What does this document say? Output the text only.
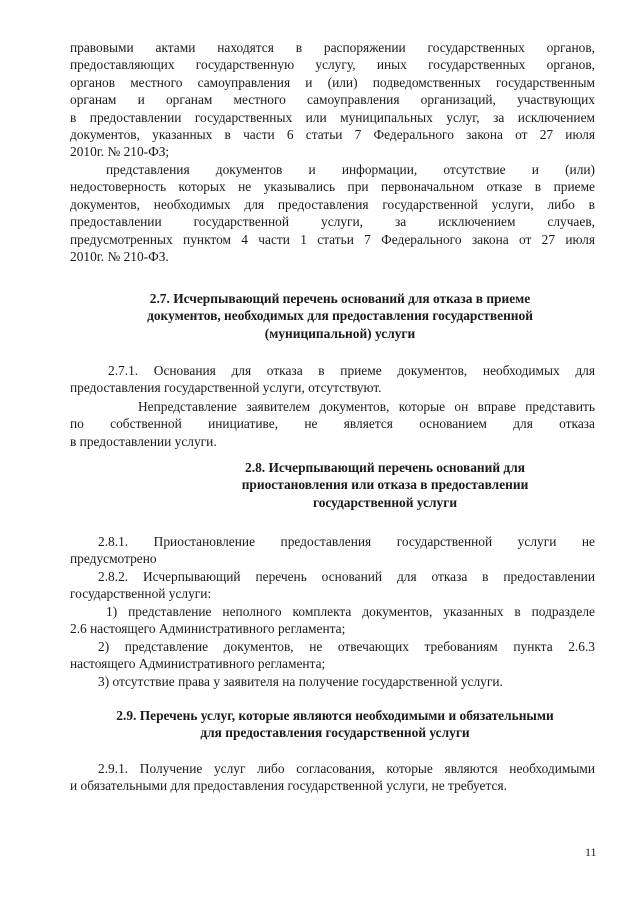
правовыми актами находятся в распоряжении государственных органов,
предоставляющих государственную услугу, иных государственных органов,
органов местного самоуправления и (или) подведомственных государственным
органам и органам местного самоуправления организаций, участвующих
в предоставлении государственных или муниципальных услуг, за исключением
документов, указанных в части 6 статьи 7 Федерального закона от 27 июля
2010г. № 210-ФЗ;
представления документов и информации, отсутствие и (или)
недостоверность которых не указывались при первоначальном отказе в приеме
документов, необходимых для предоставления государственной услуги, либо в
предоставлении государственной услуги, за исключением случаев,
предусмотренных пунктом 4 части 1 статьи 7 Федерального закона от 27 июля
2010г. № 210-ФЗ.
2.7. Исчерпывающий перечень оснований для отказа в приеме
документов, необходимых для предоставления государственной
(муниципальной) услуги
2.7.1. Основания для отказа в приеме документов, необходимых для
предоставления государственной услуги, отсутствуют.
Непредставление заявителем документов, которые он вправе представить
по собственной инициативе, не является основанием для отказа
в предоставлении услуги.
2.8. Исчерпывающий перечень оснований для
приостановления или отказа в предоставлении
государственной услуги
2.8.1. Приостановление предоставления государственной услуги не
предусмотрено
2.8.2. Исчерпывающий перечень оснований для отказа в предоставлении
государственной услуги:
1) представление неполного комплекта документов, указанных в подразделе
2.6 настоящего Административного регламента;
2) представление документов, не отвечающих требованиям пункта 2.6.3
настоящего Административного регламента;
3) отсутствие права у заявителя на получение государственной услуги.
2.9. Перечень услуг, которые являются необходимыми и обязательными
для предоставления государственной услуги
2.9.1. Получение услуг либо согласования, которые являются необходимыми
и обязательными для предоставления государственной услуги, не требуется.
11
